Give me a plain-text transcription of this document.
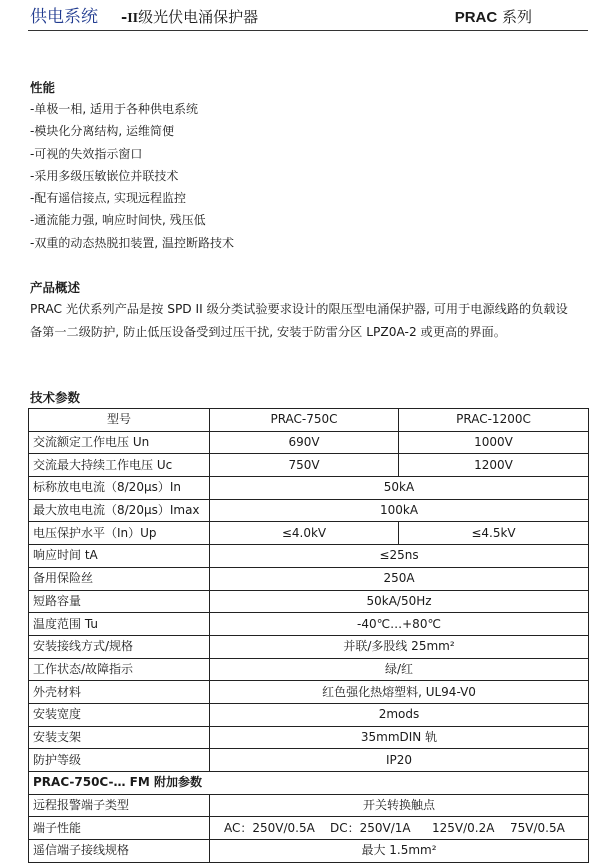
供电系统 -II级光伏电涌保护器	PRAC 系列
性能
-单极一相, 适用于各种供电系统
-模块化分离结构, 运维简便
-可视的失效指示窗口
-采用多级压敏嵌位并联技术
-配有遥信接点, 实现远程监控
-通流能力强, 响应时间快, 残压低
-双重的动态热脱扣装置, 温控断路技术
产品概述

PRAC 光伏系列产品是按 SPD II 级分类试验要求设计的限压型电涌保护器, 可用于电源线路的负载设备第一二级防护, 防止低压设备受到过压干扰, 安装于防雷分区 LPZ0A-2 或更高的界面。

技术参数
型号	PRAC-750C	PRAC-1200C
交流额定工作电压 Un	690V	1000V
交流最大持续工作电压 Uc	750V	1200V
标称放电电流（8/20μs）In	50kA	
最大放电电流（8/20μs）Imax	100kA	
电压保护水平（In）Up	≤4.0kV	≤4.5kV
响应时间 tA	≤25ns	
备用保险丝	250A	
短路容量	50kA/50Hz	
温度范围 Tu	-40℃…+80℃	
安装接线方式/规格	并联/多股线 25mm²	
工作状态/故障指示	绿/红	
外壳材料	红色强化热熔塑料, UL94-V0	
安装宽度	2mods	
安装支架	35mmDIN 轨	
防护等级	IP20	
PRAC-750C-… FM 附加参数		
远程报警端子类型	开关转换触点	
端子性能	AC：250V/0.5A DC：250V/1A 125V/0.2A 75V/0.5A	
遥信端子接线规格	最大 1.5mm²	
